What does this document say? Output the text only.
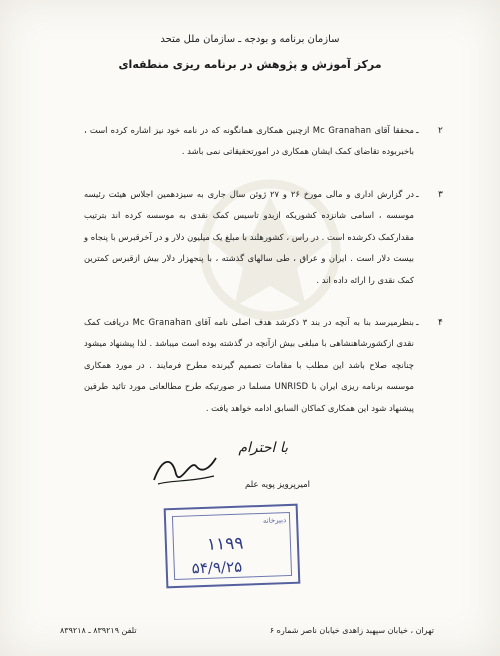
سازمان برنامه و بودجه ـ سازمان ملل متحد
مرکز آموزش و پژوهش در برنامه ریزی منطقه‌ای
۲
ـ
محققا آقای Mc Granahan ازچنین همکاری همانگونه که در نامه خود نیز اشاره کرده است ، باخبربوده تقاضای کمک ایشان همکاری در امورتحقیقاتی نمی باشد .
۳
ـ
در گزارش اداری و مالی مورخ ۲۶ و ۲۷ ژوئن سال جاری به سیزدهمین اجلاس هیئت رئیسه موسسه ، اسامی شانزده کشوریکه ازبدو تاسیس کمک نقدی به موسسه کرده اند بترتیب مقدارکمک ذکرشده است . در راس ، کشورهلند با مبلغ یک میلیون دلار و در آخرقبرس با پنجاه و بیست دلار است . ایران و عراق ، طی سالهای گذشته ، با پنجهزار دلار بیش ازقبرس کمترین کمک نقدی را ارائه داده اند .
۴
ـ
بنظرمیرسد بنا به آنچه در بند ۳ ذکرشد هدف اصلی نامه آقای Mc Granahan دریافت کمک نقدی ازکشورشاهنشاهی با مبلغی بیش ازآنچه در گذشته بوده است میباشد . لذا پیشنهاد میشود چنانچه صلاح باشد این مطلب با مقامات تصمیم گیرنده مطرح فرمایند . در مورد همکاری موسسه برنامه ریزی ایران با UNRISD مسلما در صورتیکه طرح مطالعاتی مورد تائید طرفین پیشنهاد شود این همکاری کماکان السابق ادامه خواهد یافت .
با احترام
امیرپرویز پویه علم
دبیرخانه
۱۱۹۹
۵۴/۹/۲۵
تهران ، خیابان سپهبد زاهدی خیابان ناصر شماره ۶
تلفن ۸۳۹۲۱۹ ـ ۸۳۹۲۱۸
